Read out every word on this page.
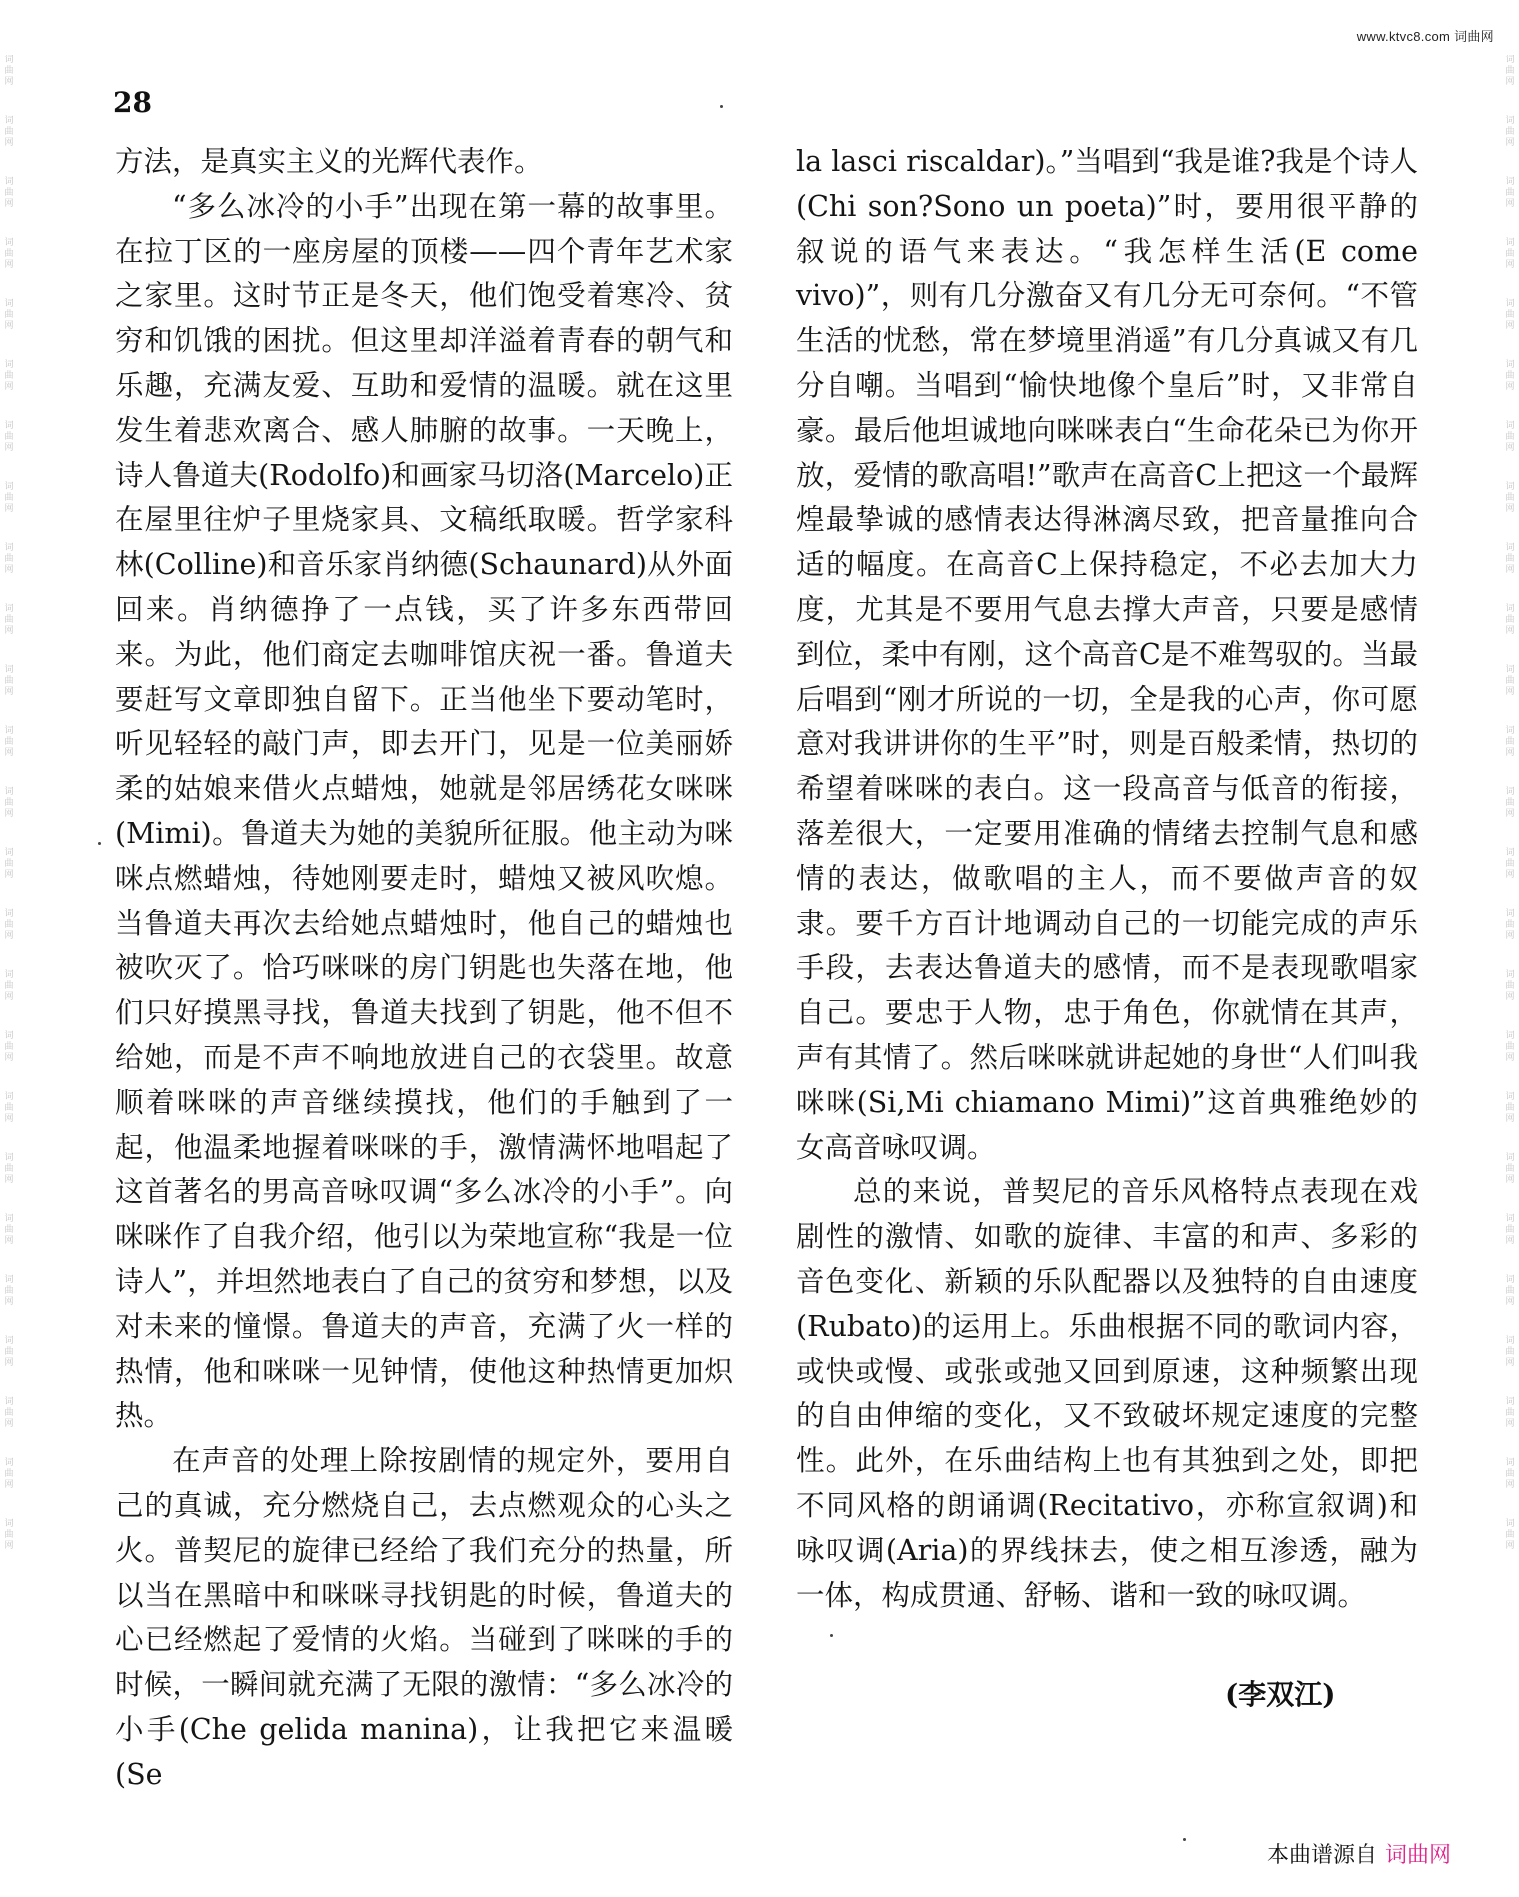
www.ktvc8.com 词曲网
词曲网
词曲网
词曲网
词曲网
词曲网
词曲网
词曲网
词曲网
词曲网
词曲网
词曲网
词曲网
词曲网
词曲网
词曲网
词曲网
词曲网
词曲网
词曲网
词曲网
词曲网
词曲网
词曲网
词曲网
词曲网
词曲网
词曲网
词曲网
词曲网
词曲网
词曲网
词曲网
词曲网
词曲网
词曲网
词曲网
词曲网
词曲网
词曲网
词曲网
词曲网
词曲网
词曲网
词曲网
词曲网
词曲网
词曲网
词曲网
词曲网
词曲网
28

方法，是真实主义的光辉代表作。

“多么冰冷的小手”出现在第一幕的故事里。在拉丁区的一座房屋的顶楼——四个青年艺术家之家里。这时节正是冬天，他们饱受着寒冷、贫穷和饥饿的困扰。但这里却洋溢着青春的朝气和乐趣，充满友爱、互助和爱情的温暖。就在这里发生着悲欢离合、感人肺腑的故事。一天晚上，诗人鲁道夫(Rodolfo)和画家马切洛(Marcelo)正在屋里往炉子里烧家具、文稿纸取暖。哲学家科林(Colline)和音乐家肖纳德(Schaunard)从外面回来。肖纳德挣了一点钱，买了许多东西带回来。为此，他们商定去咖啡馆庆祝一番。鲁道夫要赶写文章即独自留下。正当他坐下要动笔时，听见轻轻的敲门声，即去开门，见是一位美丽娇柔的姑娘来借火点蜡烛，她就是邻居绣花女咪咪(Mimi)。鲁道夫为她的美貌所征服。他主动为咪咪点燃蜡烛，待她刚要走时，蜡烛又被风吹熄。当鲁道夫再次去给她点蜡烛时，他自己的蜡烛也被吹灭了。恰巧咪咪的房门钥匙也失落在地，他们只好摸黑寻找，鲁道夫找到了钥匙，他不但不给她，而是不声不响地放进自己的衣袋里。故意顺着咪咪的声音继续摸找，他们的手触到了一起，他温柔地握着咪咪的手，激情满怀地唱起了这首著名的男高音咏叹调“多么冰冷的小手”。向咪咪作了自我介绍，他引以为荣地宣称“我是一位诗人”，并坦然地表白了自己的贫穷和梦想，以及对未来的憧憬。鲁道夫的声音，充满了火一样的热情，他和咪咪一见钟情，使他这种热情更加炽热。

在声音的处理上除按剧情的规定外，要用自己的真诚，充分燃烧自己，去点燃观众的心头之火。普契尼的旋律已经给了我们充分的热量，所以当在黑暗中和咪咪寻找钥匙的时候，鲁道夫的心已经燃起了爱情的火焰。当碰到了咪咪的手的时候，一瞬间就充满了无限的激情：“多么冰冷的小手(Che gelida manina)，让我把它来温暖(Se

la lasci riscaldar)。”当唱到“我是谁?我是个诗人(Chi son?Sono un poeta)”时，要用很平静的叙说的语气来表达。“我怎样生活(E come vivo)”，则有几分激奋又有几分无可奈何。“不管生活的忧愁，常在梦境里消遥”有几分真诚又有几分自嘲。当唱到“愉快地像个皇后”时，又非常自豪。最后他坦诚地向咪咪表白“生命花朵已为你开放，爱情的歌高唱!”歌声在高音C上把这一个最辉煌最挚诚的感情表达得淋漓尽致，把音量推向合适的幅度。在高音C上保持稳定，不必去加大力度，尤其是不要用气息去撑大声音，只要是感情到位，柔中有刚，这个高音C是不难驾驭的。当最后唱到“刚才所说的一切，全是我的心声，你可愿意对我讲讲你的生平”时，则是百般柔情，热切的希望着咪咪的表白。这一段高音与低音的衔接，落差很大，一定要用准确的情绪去控制气息和感情的表达，做歌唱的主人，而不要做声音的奴隶。要千方百计地调动自己的一切能完成的声乐手段，去表达鲁道夫的感情，而不是表现歌唱家自己。要忠于人物，忠于角色，你就情在其声，声有其情了。然后咪咪就讲起她的身世“人们叫我咪咪(Si,Mi chiamano Mimi)”这首典雅绝妙的女高音咏叹调。

总的来说，普契尼的音乐风格特点表现在戏剧性的激情、如歌的旋律、丰富的和声、多彩的音色变化、新颖的乐队配器以及独特的自由速度(Rubato)的运用上。乐曲根据不同的歌词内容，或快或慢、或张或弛又回到原速，这种频繁出现的自由伸缩的变化，又不致破坏规定速度的完整性。此外，在乐曲结构上也有其独到之处，即把不同风格的朗诵调(Recitativo，亦称宣叙调)和咏叹调(Aria)的界线抹去，使之相互渗透，融为一体，构成贯通、舒畅、谐和一致的咏叹调。

(李双江)
本曲谱源自 词曲网
